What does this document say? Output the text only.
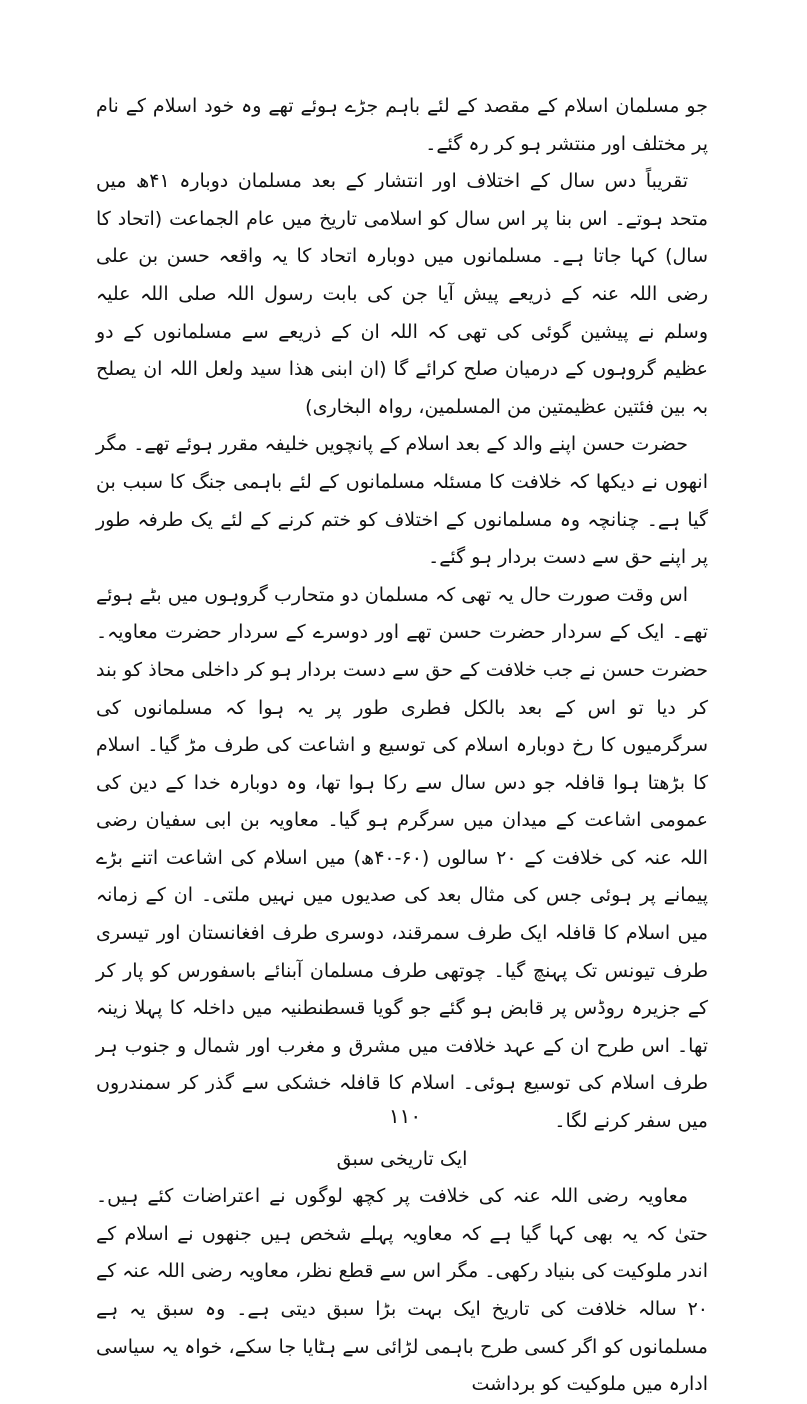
جو مسلمان اسلام کے مقصد کے لئے باہم جڑے ہوئے تھے وہ خود اسلام کے نام پر مختلف اور منتشر ہو کر رہ گئے۔

تقریباً دس سال کے اختلاف اور انتشار کے بعد مسلمان دوبارہ ۴۱ھ میں متحد ہوتے۔ اس بنا پر اس سال کو اسلامی تاریخ میں عام الجماعت (اتحاد کا سال) کہا جاتا ہے۔ مسلمانوں میں دوبارہ اتحاد کا یہ واقعہ حسن بن علی رضی اللہ عنہ کے ذریعے پیش آیا جن کی بابت رسول اللہ صلی اللہ علیہ وسلم نے پیشین گوئی کی تھی کہ اللہ ان کے ذریعے سے مسلمانوں کے دو عظیم گروہوں کے درمیان صلح کرائے گا (ان ابنی ھذا سید ولعل اللہ ان یصلح بہ بین فئتین عظیمتین من المسلمین، رواہ البخاری)

حضرت حسن اپنے والد کے بعد اسلام کے پانچویں خلیفہ مقرر ہوئے تھے۔ مگر انھوں نے دیکھا کہ خلافت کا مسئلہ مسلمانوں کے لئے باہمی جنگ کا سبب بن گیا ہے۔ چنانچہ وہ مسلمانوں کے اختلاف کو ختم کرنے کے لئے یک طرفہ طور پر اپنے حق سے دست بردار ہو گئے۔

اس وقت صورت حال یہ تھی کہ مسلمان دو متحارب گروہوں میں بٹے ہوئے تھے۔ ایک کے سردار حضرت حسن تھے اور دوسرے کے سردار حضرت معاویہ۔ حضرت حسن نے جب خلافت کے حق سے دست بردار ہو کر داخلی محاذ کو بند کر دیا تو اس کے بعد بالکل فطری طور پر یہ ہوا کہ مسلمانوں کی سرگرمیوں کا رخ دوبارہ اسلام کی توسیع و اشاعت کی طرف مڑ گیا۔ اسلام کا بڑھتا ہوا قافلہ جو دس سال سے رکا ہوا تھا، وہ دوبارہ خدا کے دین کی عمومی اشاعت کے میدان میں سرگرم ہو گیا۔ معاویہ بن ابی سفیان رضی اللہ عنہ کی خلافت کے ۲۰ سالوں (۶۰-۴۰ھ) میں اسلام کی اشاعت اتنے بڑے پیمانے پر ہوئی جس کی مثال بعد کی صدیوں میں نہیں ملتی۔ ان کے زمانہ میں اسلام کا قافلہ ایک طرف سمرقند، دوسری طرف افغانستان اور تیسری طرف تیونس تک پہنچ گیا۔ چوتھی طرف مسلمان آبنائے باسفورس کو پار کر کے جزیرہ روڈس پر قابض ہو گئے جو گویا قسطنطنیہ میں داخلہ کا پہلا زینہ تھا۔ اس طرح ان کے عہد خلافت میں مشرق و مغرب اور شمال و جنوب ہر طرف اسلام کی توسیع ہوئی۔ اسلام کا قافلہ خشکی سے گذر کر سمندروں میں سفر کرنے لگا۔

ایک تاریخی سبق

معاویہ رضی اللہ عنہ کی خلافت پر کچھ لوگوں نے اعتراضات کئے ہیں۔ حتیٰ کہ یہ بھی کہا گیا ہے کہ معاویہ پہلے شخص ہیں جنھوں نے اسلام کے اندر ملوکیت کی بنیاد رکھی۔ مگر اس سے قطع نظر، معاویہ رضی اللہ عنہ کے ۲۰ سالہ خلافت کی تاریخ ایک بہت بڑا سبق دیتی ہے۔ وہ سبق یہ ہے مسلمانوں کو اگر کسی طرح باہمی لڑائی سے ہٹایا جا سکے، خواہ یہ سیاسی ادارہ میں ملوکیت کو برداشت

۱۱۰
